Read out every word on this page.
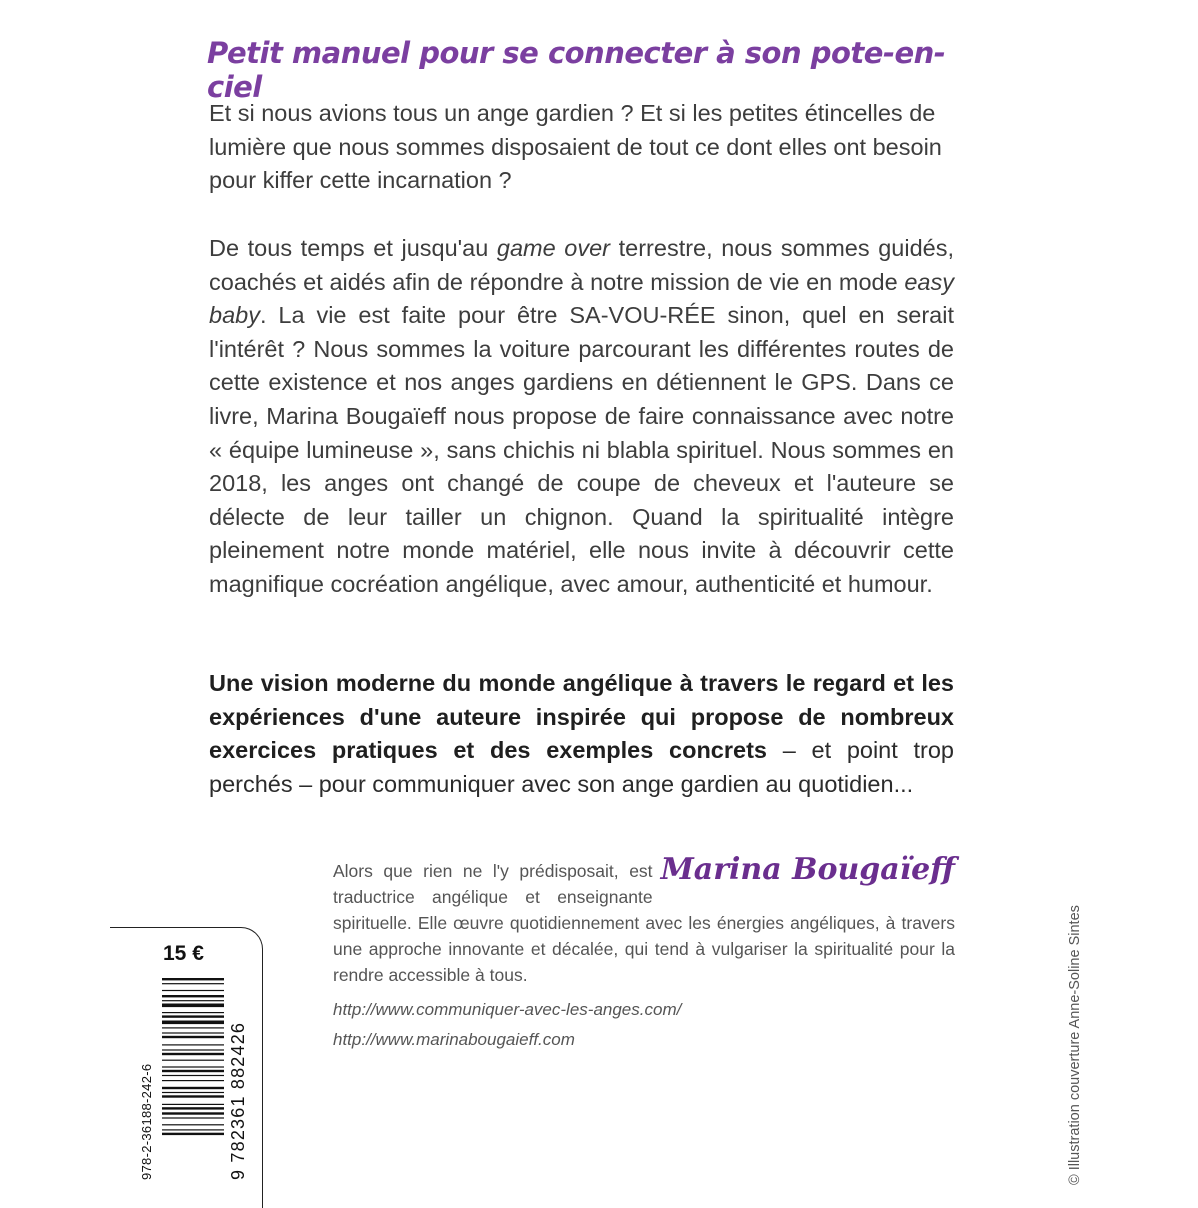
Petit manuel pour se connecter à son pote-en-ciel

Et si nous avions tous un ange gardien ? Et si les petites étincelles de lumière que nous sommes disposaient de tout ce dont elles ont besoin pour kiffer cette incarnation ?

De tous temps et jusqu'au game over terrestre, nous sommes guidés, coachés et aidés afin de répondre à notre mission de vie en mode easy baby. La vie est faite pour être SA-VOU-RÉE sinon, quel en serait l'intérêt ? Nous sommes la voiture parcourant les différentes routes de cette existence et nos anges gardiens en détiennent le GPS. Dans ce livre, Marina Bougaïeff nous propose de faire connaissance avec notre « équipe lumineuse », sans chichis ni blabla spirituel. Nous sommes en 2018, les anges ont changé de coupe de cheveux et l'auteure se délecte de leur tailler un chignon. Quand la spiritualité intègre pleinement notre monde matériel, elle nous invite à découvrir cette magnifique cocréation angélique, avec amour, authenticité et humour.

Une vision moderne du monde angélique à travers le regard et les expériences d'une auteure inspirée qui propose de nombreux exercices pratiques et des exemples concrets – et point trop perchés – pour communiquer avec son ange gardien au quotidien...

Marina Bougaïeff
Alors que rien ne l'y prédisposait, est traductrice angélique et enseignante spirituelle. Elle œuvre quotidiennement avec les énergies angéliques, à travers une approche innovante et décalée, qui tend à vulgariser la spiritualité pour la rendre accessible à tous.

http://www.communiquer-avec-les-anges.com/
http://www.marinabougaieff.com
15 €
978-2-36188-242-6	9 782361 882426	© Illustration couverture Anne-Soline Sintes
